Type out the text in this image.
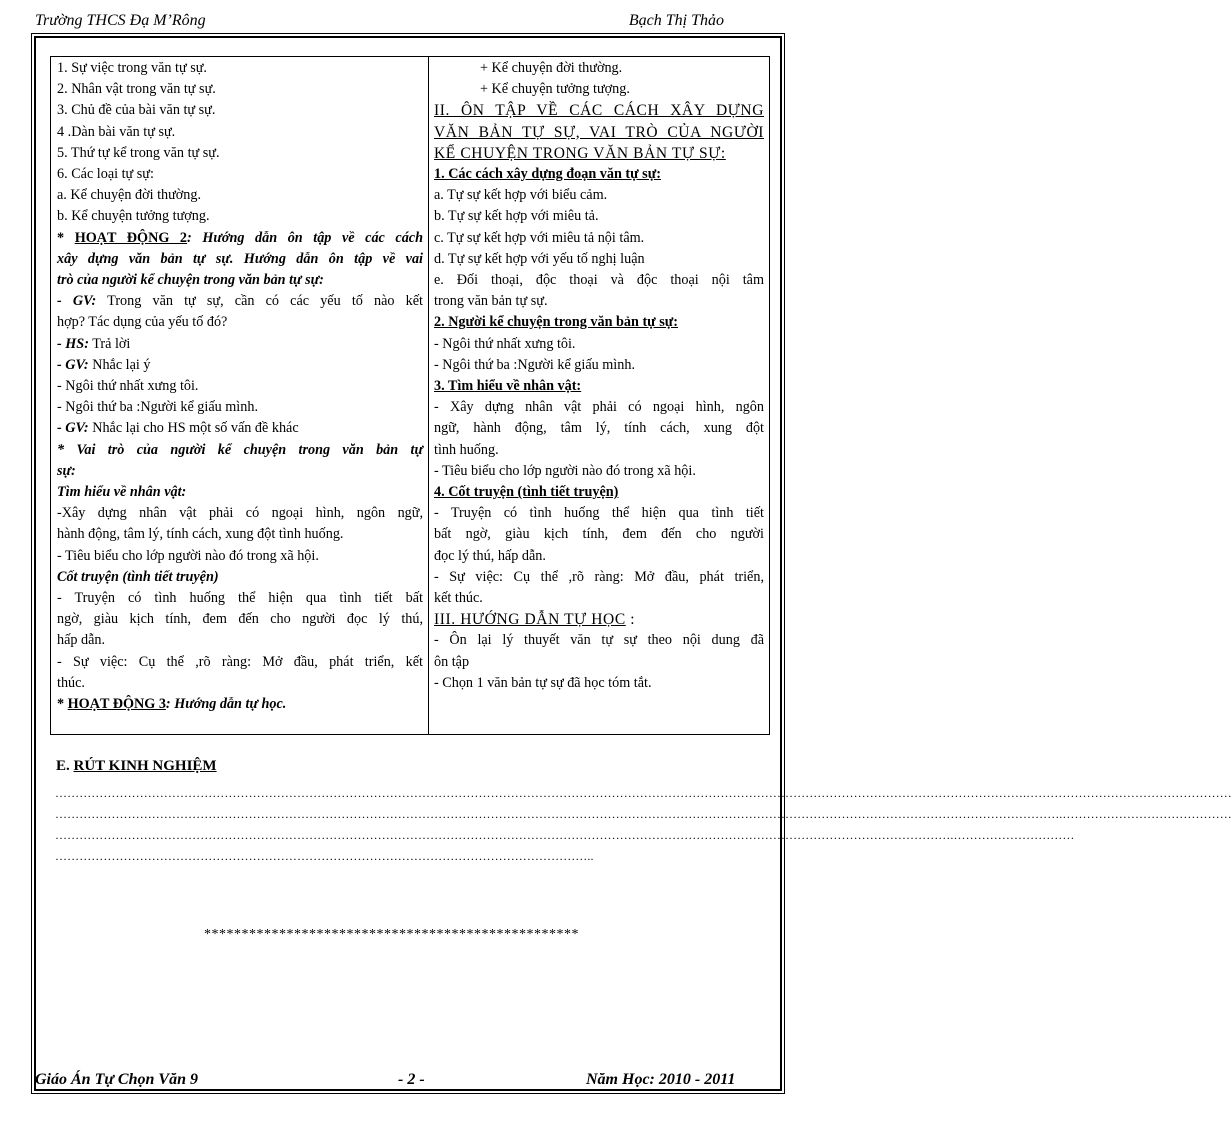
Trường THCS Đạ M’Rông	Bạch Thị Thảo
1. Sự việc trong văn tự sự.
2. Nhân vật trong văn tự sự.
3. Chủ đề của bài văn tự sự.
4 .Dàn bài văn tự sự.
5. Thứ tự kể trong văn tự sự.
6. Các loại tự sự:
a. Kể chuyện đời thường.
b. Kể chuyện tưởng tượng.
* HOẠT ĐỘNG 2: Hướng dẫn ôn tập về các cách
xây dựng văn bản tự sự. Hướng dẫn ôn tập về vai
trò của người kể chuyện trong văn bản tự sự:
- GV: Trong văn tự sự, cần có các yếu tố nào kết
hợp? Tác dụng của yếu tố đó?
- HS: Trả lời
- GV: Nhắc lại ý
- Ngôi thứ nhất xưng tôi.
- Ngôi thứ ba :Người kể giấu mình.
- GV: Nhắc lại cho HS một số vấn đề khác
* Vai trò của người kể chuyện trong văn bản tự
sự:
Tìm hiểu về nhân vật:
-Xây dựng nhân vật phải có ngoại hình, ngôn ngữ,
hành động, tâm lý, tính cách, xung đột tình huống.
- Tiêu biểu cho lớp người nào đó trong xã hội.
Cốt truyện (tình tiết truyện)
- Truyện có tình huống thể hiện qua tình tiết bất
ngờ, giàu kịch tính, đem đến cho người đọc lý thú,
hấp dẫn.
- Sự việc: Cụ thể ,rõ ràng: Mở đầu, phát triển, kết
thúc.
* HOẠT ĐỘNG 3: Hướng dẫn tự học.
+ Kể chuyện đời thường.
+ Kể chuyện tưởng tượng.
II. ÔN TẬP VỀ CÁC CÁCH XÂY DỰNG
VĂN BẢN TỰ SỰ, VAI TRÒ CỦA NGƯỜI
KỂ CHUYỆN TRONG VĂN BẢN TỰ SỰ:
1. Các cách xây dựng đoạn văn tự sự:
a. Tự sự kết hợp với biểu cảm.
b. Tự sự kết hợp với miêu tả.
c. Tự sự kết hợp với miêu tả nội tâm.
d. Tự sự kết hợp với yếu tố nghị luận
e. Đối thoại, độc thoại và độc thoại nội tâm
trong văn bản tự sự.
2. Người kể chuyện trong văn bản tự sự:
- Ngôi thứ nhất xưng tôi.
- Ngôi thứ ba :Người kể giấu mình.
3. Tìm hiểu về nhân vật:
- Xây dựng nhân vật phải có ngoại hình, ngôn
ngữ, hành động, tâm lý, tính cách, xung đột
tình huống.
- Tiêu biểu cho lớp người nào đó trong xã hội.
4. Cốt truyện (tình tiết truyện)
- Truyện có tình huống thể hiện qua tình tiết
bất ngờ, giàu kịch tính, đem đến cho người
đọc lý thú, hấp dẫn.
- Sự việc: Cụ thể ,rõ ràng: Mở đầu, phát triển,
kết thúc.
III. HƯỚNG DẪN TỰ HỌC :
- Ôn lại lý thuyết văn tự sự theo nội dung đã
ôn tập
- Chọn 1 văn bản tự sự đã học tóm tắt.
E. RÚT KINH NGHIỆM
…………………………………………………………………………………………………………………………………………………………………………………………………………………….……………………………………………
…………………………………………………………………………………………………………………………………………………………………………………………………………………………….……………………………………
…………………………………………………………………………………………………………………………………………………………………………………………………….…………………………
……………………………………………………………………………………………………………………..
**************************************************
Giáo Án Tự Chọn Văn 9	- 2 -	Năm Học: 2010 - 2011
